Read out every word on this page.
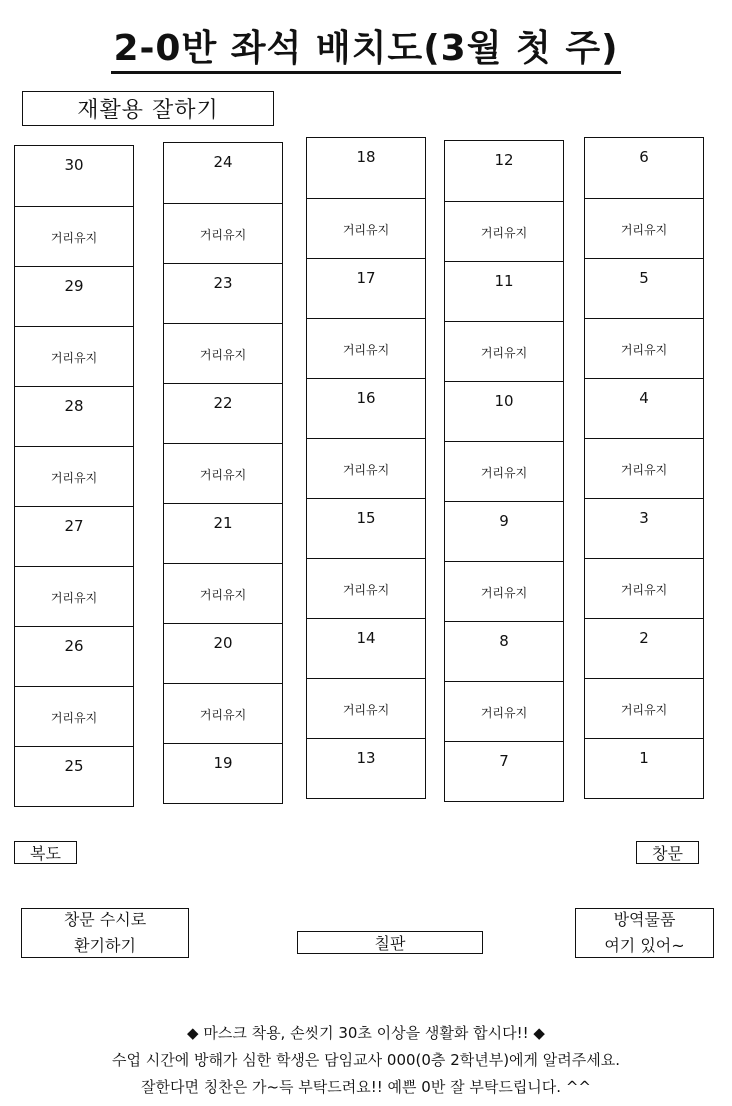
2-0반 좌석 배치도(3월 첫 주)
재활용 잘하기
30
거리유지
29
거리유지
28
거리유지
27
거리유지
26
거리유지
25
24
거리유지
23
거리유지
22
거리유지
21
거리유지
20
거리유지
19
18
거리유지
17
거리유지
16
거리유지
15
거리유지
14
거리유지
13
12
거리유지
11
거리유지
10
거리유지
9
거리유지
8
거리유지
7
6
거리유지
5
거리유지
4
거리유지
3
거리유지
2
거리유지
1
복도	창문
창문 수시로
환기하기	칠판
방역물품
여기 있어~
◆ 마스크 착용, 손씻기 30초 이상을 생활화 합시다!! ◆
수업 시간에 방해가 심한 학생은 담임교사 000(0층 2학년부)에게 알려주세요.
잘한다면 칭찬은 가~득 부탁드려요!! 예쁜 0반 잘 부탁드립니다. ^^
